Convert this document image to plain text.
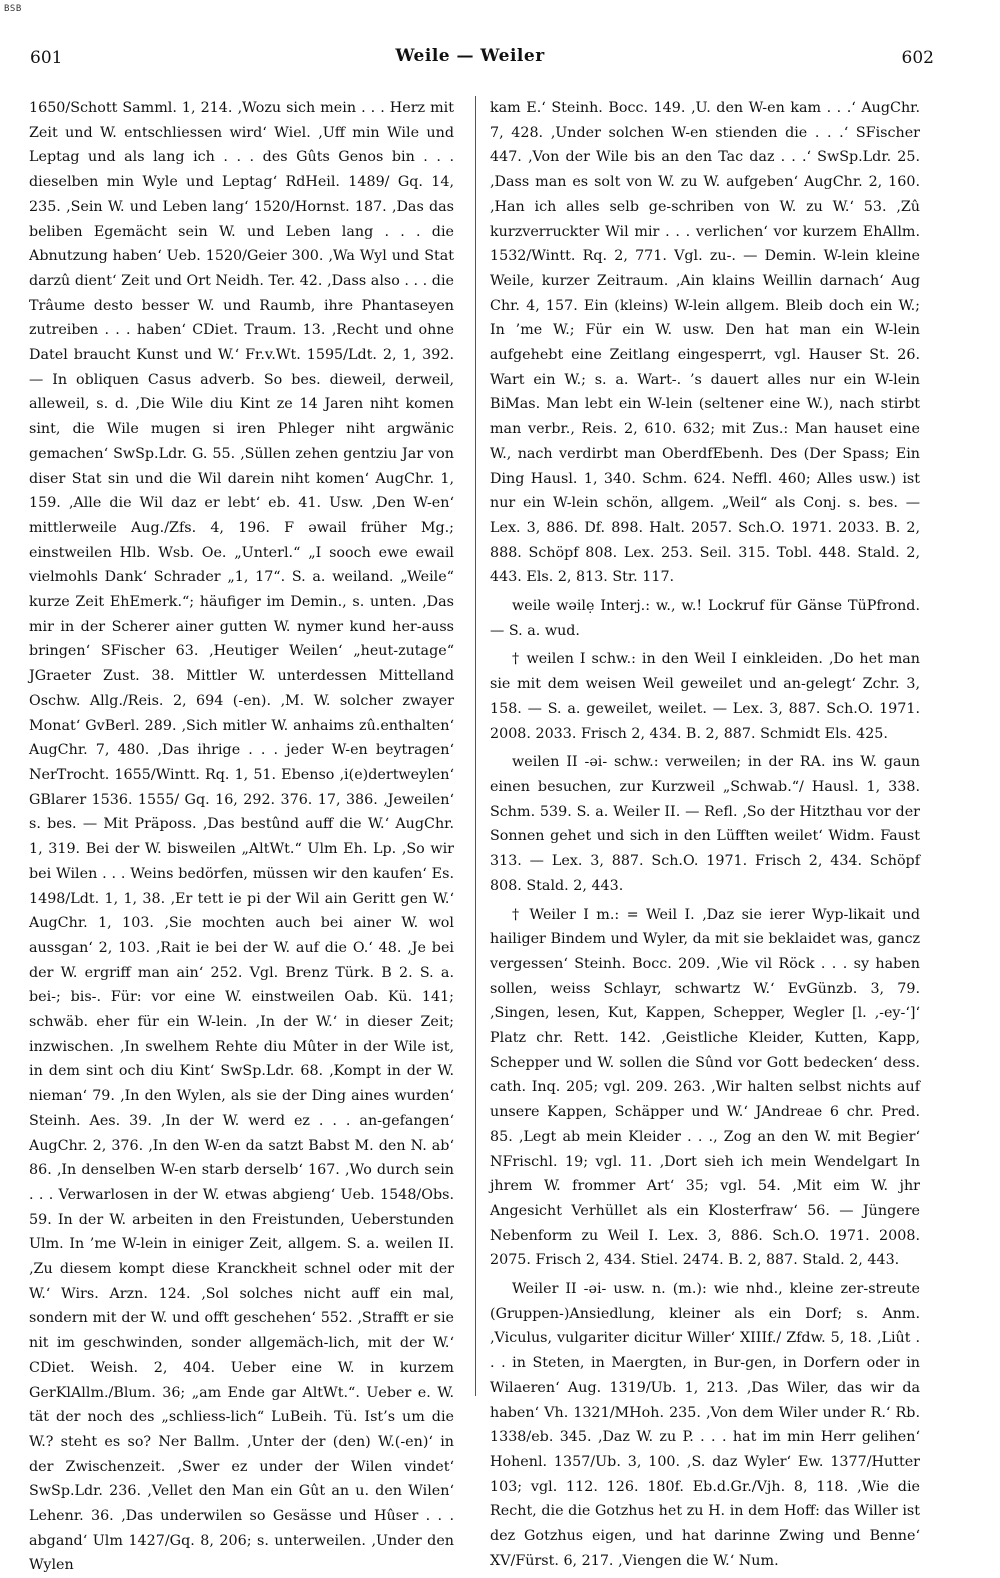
BSB
601	Weile — Weiler	602

1650/Schott Samml. 1, 214. ‚Wozu sich mein . . . Herz mit Zeit und W. entschliessen wird‘ Wiel. ‚Uff min Wile und Leptag und als lang ich . . . des Gûts Genos bin . . . dieselben min Wyle und Leptag‘ RdHeil. 1489/ Gq. 14, 235. ‚Sein W. und Leben lang‘ 1520/Hornst. 187. ‚Das das beliben Egemächt sein W. und Leben lang . . . die Abnutzung haben‘ Ueb. 1520/Geier 300. ‚Wa Wyl und Stat darzû dient‘ Zeit und Ort Neidh. Ter. 42. ‚Dass also . . . die Trâume desto besser W. und Raumb, ihre Phantaseyen zutreiben . . . haben‘ CDiet. Traum. 13. ‚Recht und ohne Datel braucht Kunst und W.‘ Fr.v.Wt. 1595/Ldt. 2, 1, 392. — In obliquen Casus adverb. So bes. dieweil, derweil, alleweil, s. d. ‚Die Wile diu Kint ze 14 Jaren niht komen sint, die Wile mugen si iren Phleger niht argwänic gemachen‘ SwSp.Ldr. G. 55. ‚Süllen zehen gentziu Jar von diser Stat sin und die Wil darein niht komen‘ AugChr. 1, 159. ‚Alle die Wil daz er lebt‘ eb. 41. Usw. ‚Den W-en‘ mittlerweile Aug./Zfs. 4, 196. F əwail früher Mg.; einstweilen Hlb. Wsb. Oe. „Unterl.“ „I sooch ewe ewail vielmohls Dank‘ Schrader „1, 17“. S. a. weiland. „Weile“ kurze Zeit EhEmerk.“; häufiger im Demin., s. unten. ‚Das mir in der Scherer ainer gutten W. nymer kund her-auss bringen‘ SFischer 63. ‚Heutiger Weilen‘ „heut-zutage“ JGraeter Zust. 38. Mittler W. unterdessen Mittelland Oschw. Allg./Reis. 2, 694 (-en). ‚M. W. solcher zwayer Monat‘ GvBerl. 289. ‚Sich mitler W. anhaims zû.enthalten‘ AugChr. 7, 480. ‚Das ihrige . . . jeder W-en beytragen‘ NerTrocht. 1655/Wintt. Rq. 1, 51. Ebenso ‚i(e)dertweylen‘ GBlarer 1536. 1555/ Gq. 16, 292. 376. 17, 386. ‚Jeweilen‘ s. bes. — Mit Präposs. ‚Das bestûnd auff die W.‘ AugChr. 1, 319. Bei der W. bisweilen „AltWt.“ Ulm Eh. Lp. ‚So wir bei Wilen . . . Weins bedörfen, müssen wir den kaufen‘ Es. 1498/Ldt. 1, 1, 38. ‚Er tett ie pi der Wil ain Geritt gen W.‘ AugChr. 1, 103. ‚Sie mochten auch bei ainer W. wol aussgan‘ 2, 103. ‚Rait ie bei der W. auf die O.‘ 48. ‚Je bei der W. ergriff man ain‘ 252. Vgl. Brenz Türk. B 2. S. a. bei-; bis-. Für: vor eine W. einstweilen Oab. Kü. 141; schwäb. eher für ein W-lein. ‚In der W.‘ in dieser Zeit; inzwischen. ‚In swelhem Rehte diu Mûter in der Wile ist, in dem sint och diu Kint‘ SwSp.Ldr. 68. ‚Kompt in der W. nieman‘ 79. ‚In den Wylen, als sie der Ding aines wurden‘ Steinh. Aes. 39. ‚In der W. werd ez . . . an-gefangen‘ AugChr. 2, 376. ‚In den W-en da satzt Babst M. den N. ab‘ 86. ‚In denselben W-en starb derselb‘ 167. ‚Wo durch sein . . . Verwarlosen in der W. etwas abgieng‘ Ueb. 1548/Obs. 59. In der W. arbeiten in den Freistunden, Ueberstunden Ulm. In ’me W-lein in einiger Zeit, allgem. S. a. weilen II. ‚Zu diesem kompt diese Kranckheit schnel oder mit der W.‘ Wirs. Arzn. 124. ‚Sol solches nicht auff ein mal, sondern mit der W. und offt geschehen‘ 552. ‚Strafft er sie nit im geschwinden, sonder allgemäch-lich, mit der W.‘ CDiet. Weish. 2, 404. Ueber eine W. in kurzem GerKlAllm./Blum. 36; „am Ende gar AltWt.“. Ueber e. W. tät der noch des „schliess-lich“ LuBeih. Tü. Ist’s um die W.? steht es so? Ner Ballm. ‚Unter der (den) W.(-en)‘ in der Zwischenzeit. ‚Swer ez under der Wilen vindet‘ SwSp.Ldr. 236. ‚Vellet den Man ein Gût an u. den Wilen‘ Lehenr. 36. ‚Das underwilen so Gesässe und Hûser . . . abgand‘ Ulm 1427/Gq. 8, 206; s. unterweilen. ‚Under den Wylen

kam E.‘ Steinh. Bocc. 149. ‚U. den W-en kam . . .‘ AugChr. 7, 428. ‚Under solchen W-en stienden die . . .‘ SFischer 447. ‚Von der Wile bis an den Tac daz . . .‘ SwSp.Ldr. 25. ‚Dass man es solt von W. zu W. aufgeben‘ AugChr. 2, 160. ‚Han ich alles selb ge-schriben von W. zu W.‘ 53. ‚Zû kurzverruckter Wil mir . . . verlichen‘ vor kurzem EhAllm. 1532/Wintt. Rq. 2, 771. Vgl. zu-. — Demin. W-lein kleine Weile, kurzer Zeitraum. ‚Ain klains Weillin darnach‘ Aug Chr. 4, 157. Ein (kleins) W-lein allgem. Bleib doch ein W.; In ’me W.; Für ein W. usw. Den hat man ein W-lein aufgehebt eine Zeitlang eingesperrt, vgl. Hauser St. 26. Wart ein W.; s. a. Wart-. ’s dauert alles nur ein W-lein BiMas. Man lebt ein W-lein (seltener eine W.), nach stirbt man verbr., Reis. 2, 610. 632; mit Zus.: Man hauset eine W., nach verdirbt man OberdfEbenh. Des (Der Spass; Ein Ding Hausl. 1, 340. Schm. 624. Neffl. 460; Alles usw.) ist nur ein W-lein schön, allgem. „Weil“ als Conj. s. bes. — Lex. 3, 886. Df. 898. Halt. 2057. Sch.O. 1971. 2033. B. 2, 888. Schöpf 808. Lex. 253. Seil. 315. Tobl. 448. Stald. 2, 443. Els. 2, 813. Str. 117.

weile wəilẹ Interj.: w., w.! Lockruf für Gänse TüPfrond. — S. a. wud.

† weilen I schw.: in den Weil I einkleiden. ‚Do het man sie mit dem weisen Weil geweilet und an-gelegt‘ Zchr. 3, 158. — S. a. geweilet, weilet. — Lex. 3, 887. Sch.O. 1971. 2008. 2033. Frisch 2, 434. B. 2, 887. Schmidt Els. 425.

weilen II -əi- schw.: verweilen; in der RA. ins W. gaun einen besuchen, zur Kurzweil „Schwab.“/ Hausl. 1, 338. Schm. 539. S. a. Weiler II. — Refl. ‚So der Hitzthau vor der Sonnen gehet und sich in den Lüfften weilet‘ Widm. Faust 313. — Lex. 3, 887. Sch.O. 1971. Frisch 2, 434. Schöpf 808. Stald. 2, 443.

† Weiler I m.: = Weil I. ‚Daz sie ierer Wyp-likait und hailiger Bindem und Wyler, da mit sie beklaidet was, gancz vergessen‘ Steinh. Bocc. 209. ‚Wie vil Röck . . . sy haben sollen, weiss Schlayr, schwartz W.‘ EvGünzb. 3, 79. ‚Singen, lesen, Kut, Kappen, Schepper, Wegler [l. ‚-ey-‘]‘ Platz chr. Rett. 142. ‚Geistliche Kleider, Kutten, Kapp, Schepper und W. sollen die Sûnd vor Gott bedecken‘ dess. cath. Inq. 205; vgl. 209. 263. ‚Wir halten selbst nichts auf unsere Kappen, Schäpper und W.‘ JAndreae 6 chr. Pred. 85. ‚Legt ab mein Kleider . . ., Zog an den W. mit Begier‘ NFrischl. 19; vgl. 11. ‚Dort sieh ich mein Wendelgart In jhrem W. frommer Art‘ 35; vgl. 54. ‚Mit eim W. jhr Angesicht Verhüllet als ein Klosterfraw‘ 56. — Jüngere Nebenform zu Weil I. Lex. 3, 886. Sch.O. 1971. 2008. 2075. Frisch 2, 434. Stiel. 2474. B. 2, 887. Stald. 2, 443.

Weiler II -əi- usw. n. (m.): wie nhd., kleine zer-streute (Gruppen-)Ansiedlung, kleiner als ein Dorf; s. Anm. ‚Viculus, vulgariter dicitur Willer‘ XIIIf./ Zfdw. 5, 18. ‚Liût . . . in Steten, in Maergten, in Bur-gen, in Dorfern oder in Wilaeren‘ Aug. 1319/Ub. 1, 213. ‚Das Wiler, das wir da haben‘ Vh. 1321/MHoh. 235. ‚Von dem Wiler under R.‘ Rb. 1338/eb. 345. ‚Daz W. zu P. . . . hat im min Herr gelihen‘ Hohenl. 1357/Ub. 3, 100. ‚S. daz Wyler‘ Ew. 1377/Hutter 103; vgl. 112. 126. 180f. Eb.d.Gr./Vjh. 8, 118. ‚Wie die Recht, die die Gotzhus het zu H. in dem Hoff: das Willer ist dez Gotzhus eigen, und hat darinne Zwing und Benne‘ XV/Fürst. 6, 217. ‚Viengen die W.‘ Num.
